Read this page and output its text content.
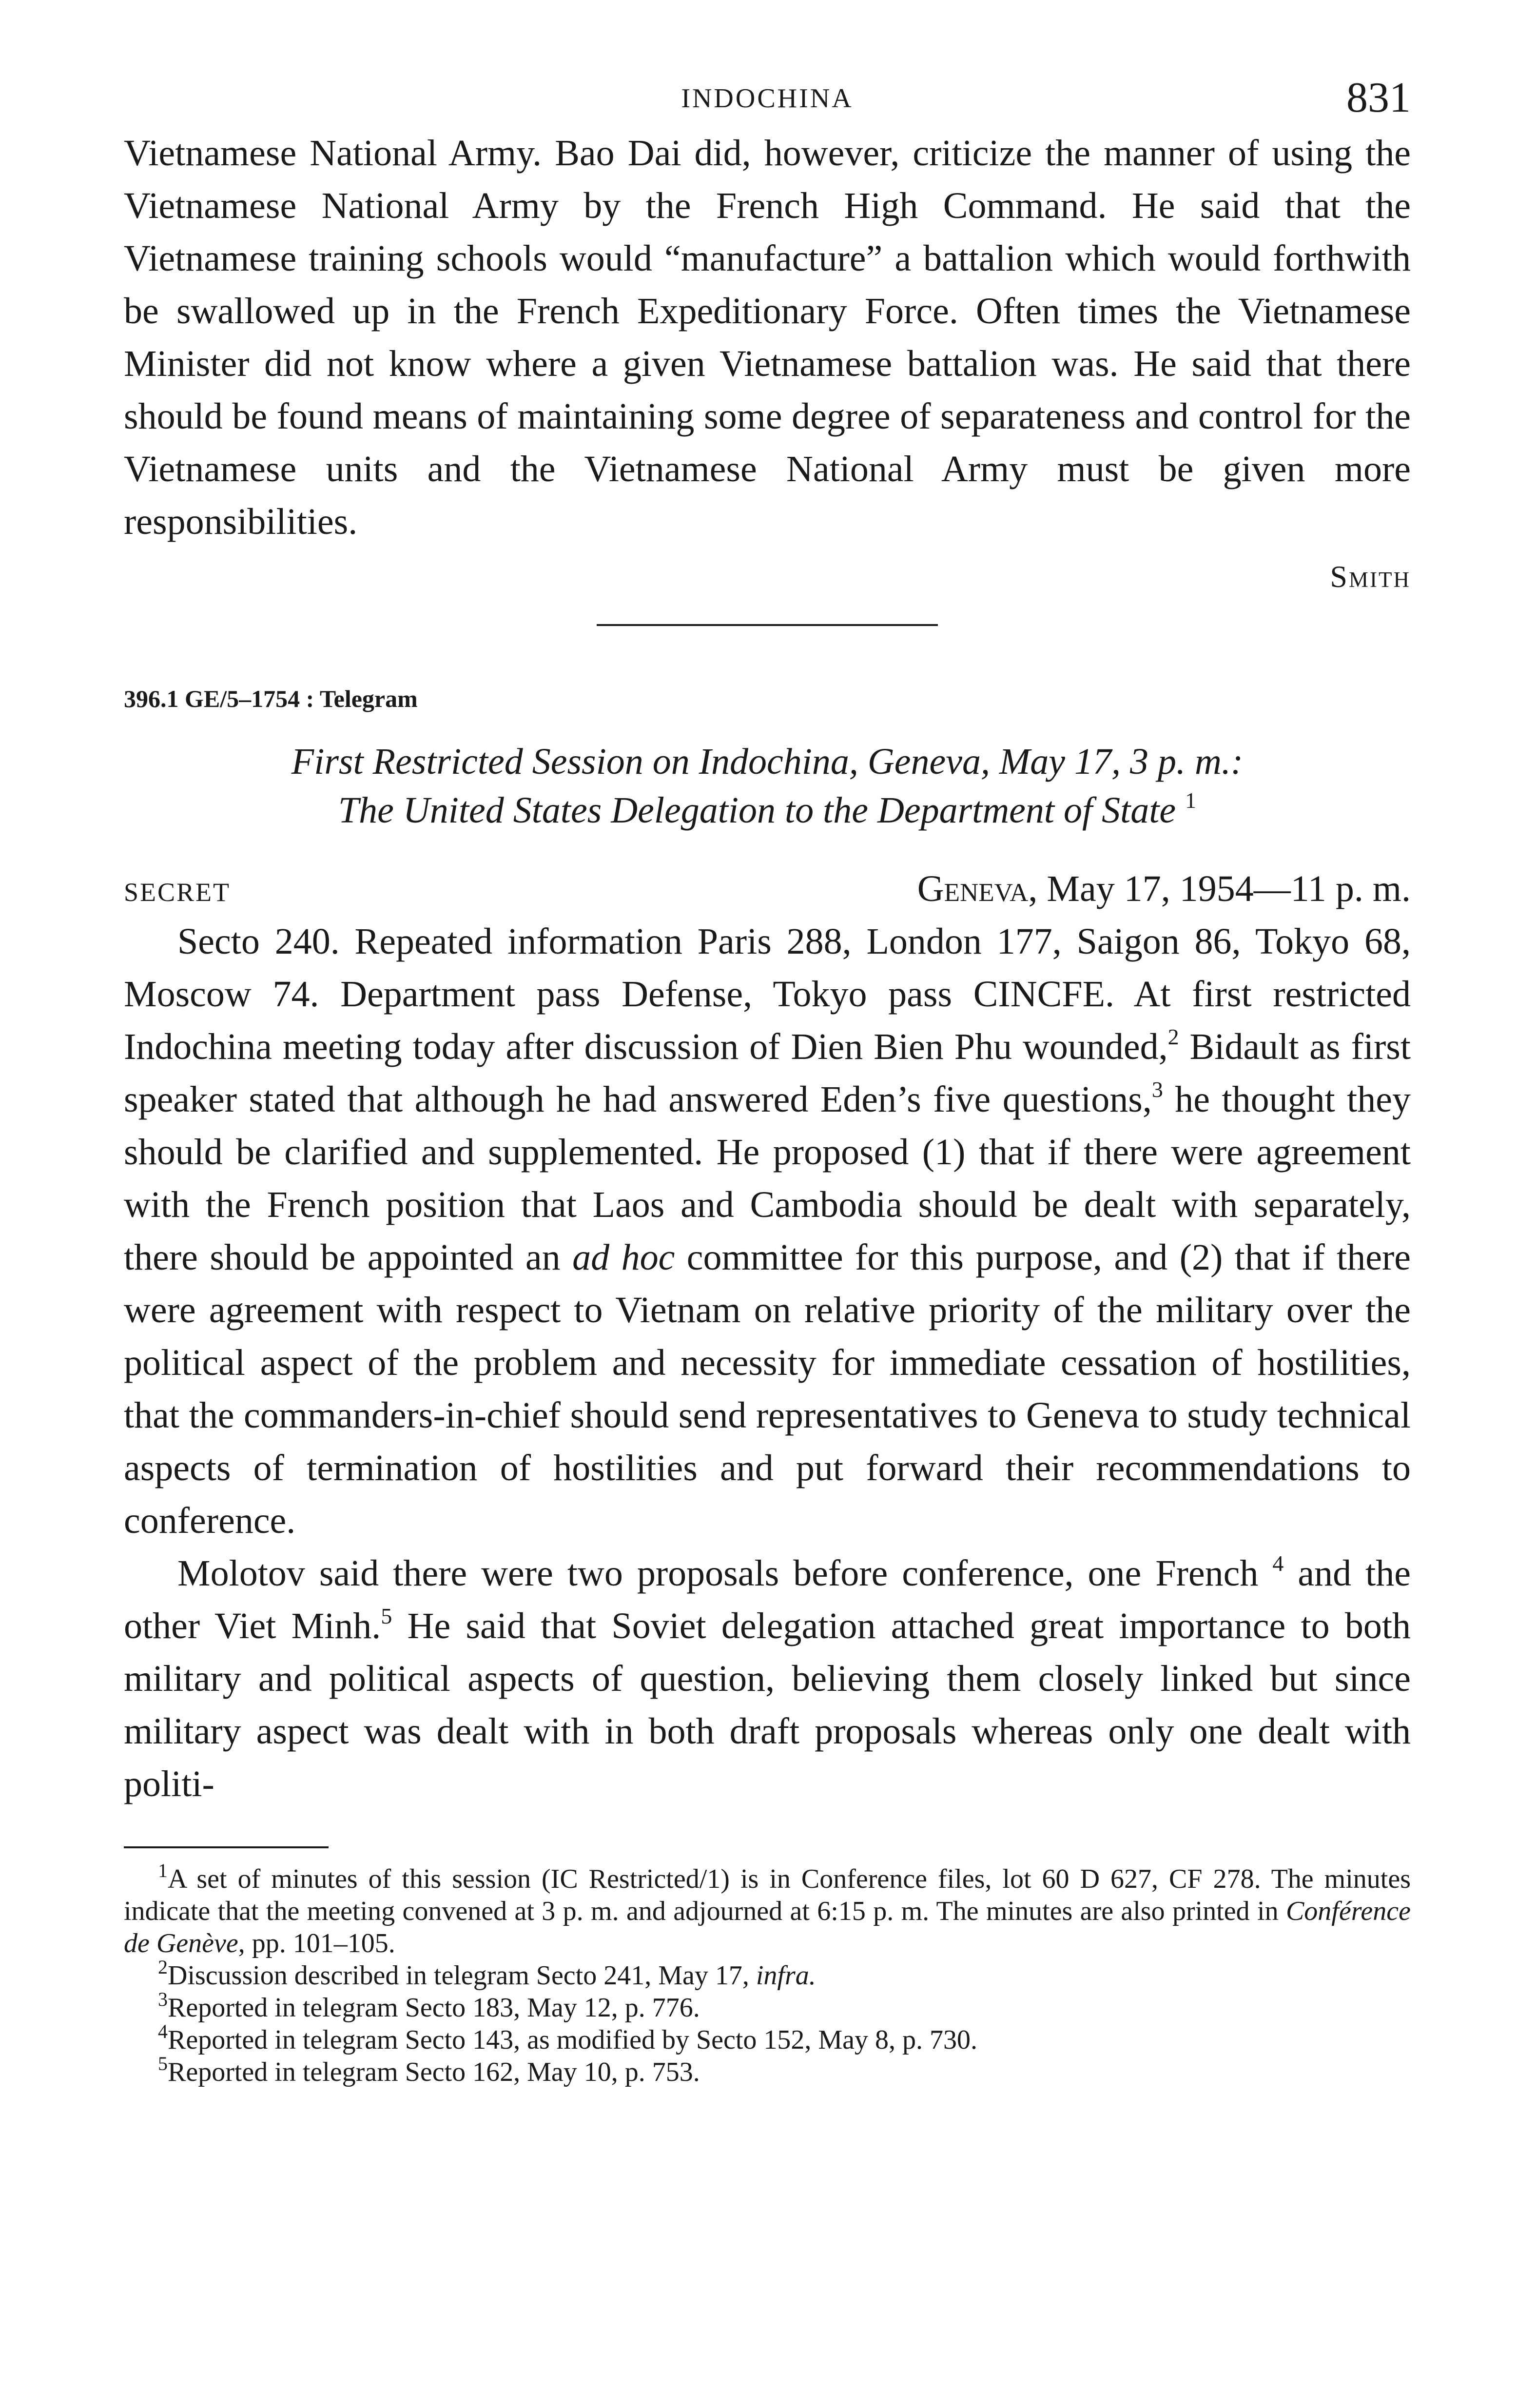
INDOCHINA	831

Vietnamese National Army. Bao Dai did, however, criticize the manner of using the Vietnamese National Army by the French High Command. He said that the Vietnamese training schools would “manufacture” a battalion which would forthwith be swallowed up in the French Expeditionary Force. Often times the Vietnamese Minister did not know where a given Vietnamese battalion was. He said that there should be found means of maintaining some degree of separateness and control for the Vietnamese units and the Vietnamese National Army must be given more responsibilities.

Smith
396.1 GE/5–1754 : Telegram
First Restricted Session on Indochina, Geneva, May 17, 3 p. m.:
The United States Delegation to the Department of State $^1$
SECRET	Geneva, May 17, 1954—11 p. m.

Secto 240. Repeated information Paris 288, London 177, Saigon 86, Tokyo 68, Moscow 74. Department pass Defense, Tokyo pass CINCFE. At first restricted Indochina meeting today after discussion of Dien Bien Phu wounded,$^2$ Bidault as first speaker stated that although he had answered Eden’s five questions,$^3$ he thought they should be clarified and supplemented. He proposed (1) that if there were agreement with the French position that Laos and Cambodia should be dealt with separately, there should be appointed an ad hoc committee for this purpose, and (2) that if there were agreement with respect to Vietnam on relative priority of the military over the political aspect of the problem and necessity for immediate cessation of hostilities, that the commanders-in-chief should send representatives to Geneva to study technical aspects of termination of hostilities and put forward their recommendations to conference.

Molotov said there were two proposals before conference, one French $^4$ and the other Viet Minh.$^5$ He said that Soviet delegation attached great importance to both military and political aspects of question, believing them closely linked but since military aspect was dealt with in both draft proposals whereas only one dealt with politi-

$^1$A set of minutes of this session (IC Restricted/1) is in Conference files, lot 60 D 627, CF 278. The minutes indicate that the meeting convened at 3 p. m. and adjourned at 6:15 p. m. The minutes are also printed in Conférence de Genève, pp. 101–105.

$^2$Discussion described in telegram Secto 241, May 17, infra.

$^3$Reported in telegram Secto 183, May 12, p. 776.

$^4$Reported in telegram Secto 143, as modified by Secto 152, May 8, p. 730.

$^5$Reported in telegram Secto 162, May 10, p. 753.
